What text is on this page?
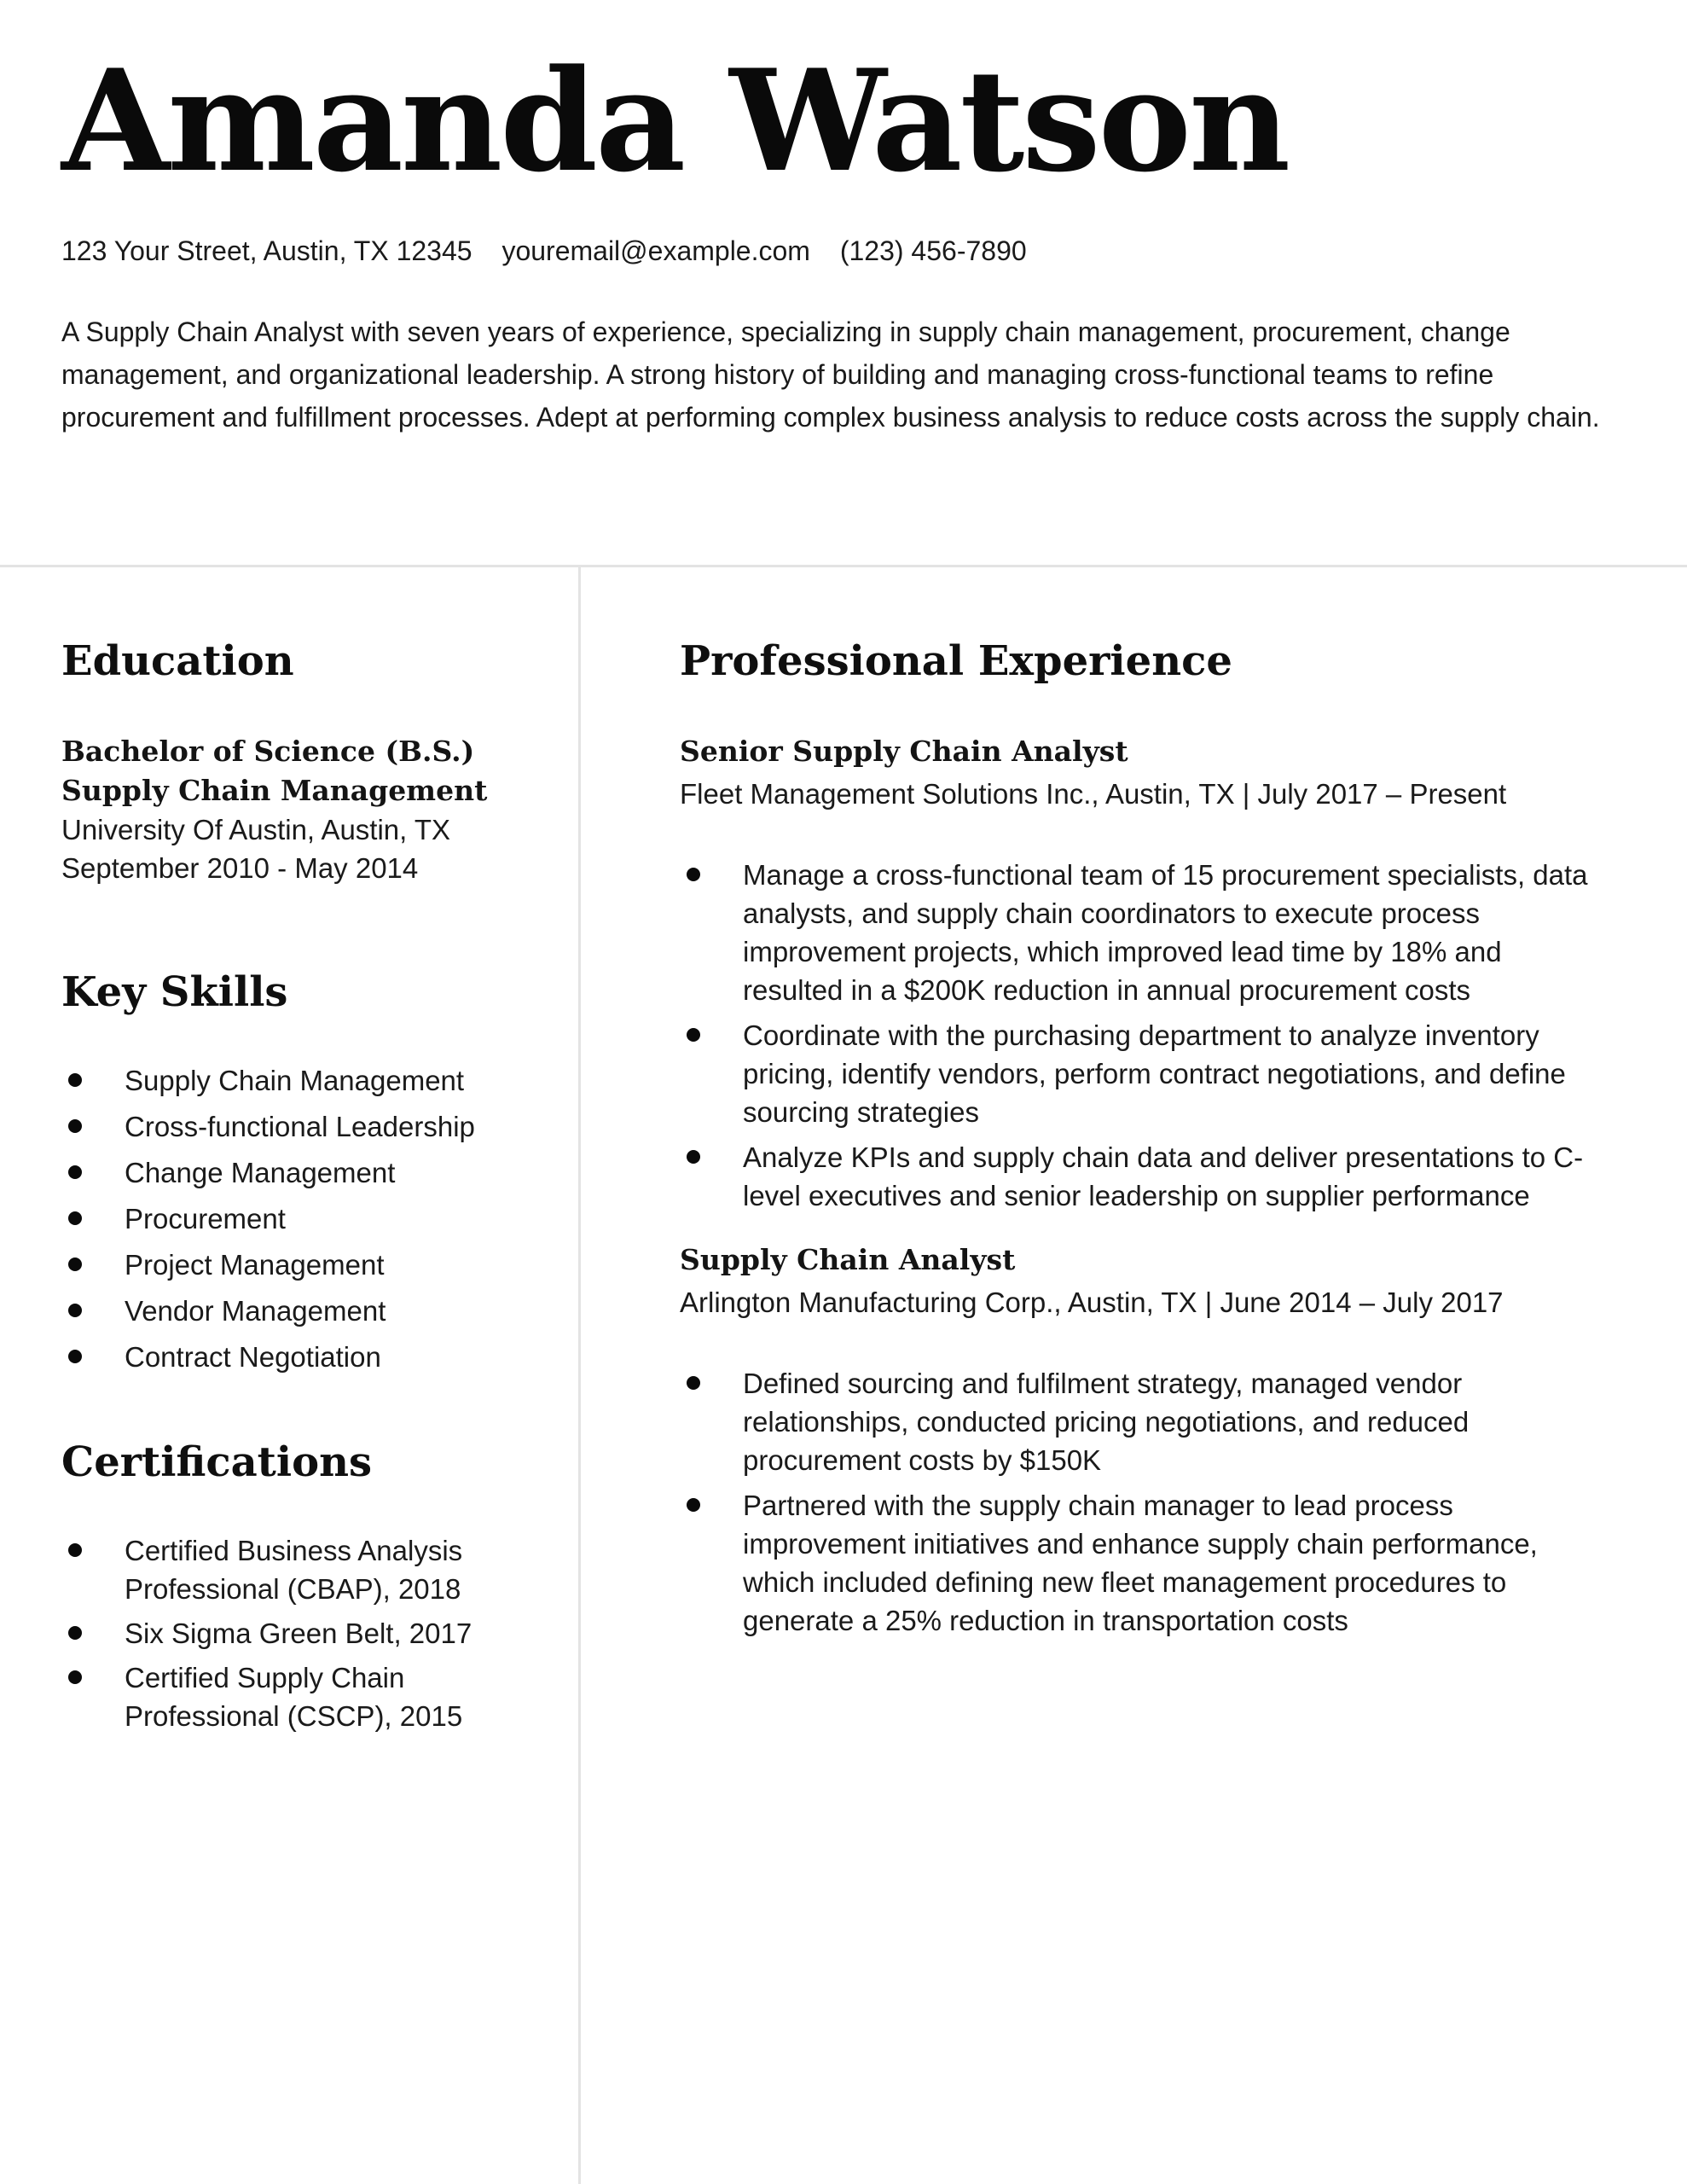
Amanda Watson
123 Your Street, Austin, TX 12345 youremail@example.com (123) 456-7890

A Supply Chain Analyst with seven years of experience, specializing in supply chain management, procurement, change management, and organizational leadership. A strong history of building and managing cross-functional teams to refine procurement and fulfillment processes. Adept at performing complex business analysis to reduce costs across the supply chain.

Education
Bachelor of Science (B.S.)
Supply Chain Management
University Of Austin, Austin, TX
September 2010 - May 2014
Key Skills
Supply Chain Management
Cross-functional Leadership
Change Management
Procurement
Project Management
Vendor Management
Contract Negotiation
Certifications
Certified Business Analysis Professional (CBAP), 2018
Six Sigma Green Belt, 2017
Certified Supply Chain Professional (CSCP), 2015
Professional Experience
Senior Supply Chain Analyst
Fleet Management Solutions Inc., Austin, TX | July 2017 – Present
Manage a cross-functional team of 15 procurement specialists, data analysts, and supply chain coordinators to execute process improvement projects, which improved lead time by 18% and resulted in a $200K reduction in annual procurement costs
Coordinate with the purchasing department to analyze inventory pricing, identify vendors, perform contract negotiations, and define sourcing strategies
Analyze KPIs and supply chain data and deliver presentations to C-level executives and senior leadership on supplier performance
Supply Chain Analyst
Arlington Manufacturing Corp., Austin, TX | June 2014 – July 2017
Defined sourcing and fulfilment strategy, managed vendor relationships, conducted pricing negotiations, and reduced procurement costs by $150K
Partnered with the supply chain manager to lead process improvement initiatives and enhance supply chain performance, which included defining new fleet management procedures to generate a 25% reduction in transportation costs
